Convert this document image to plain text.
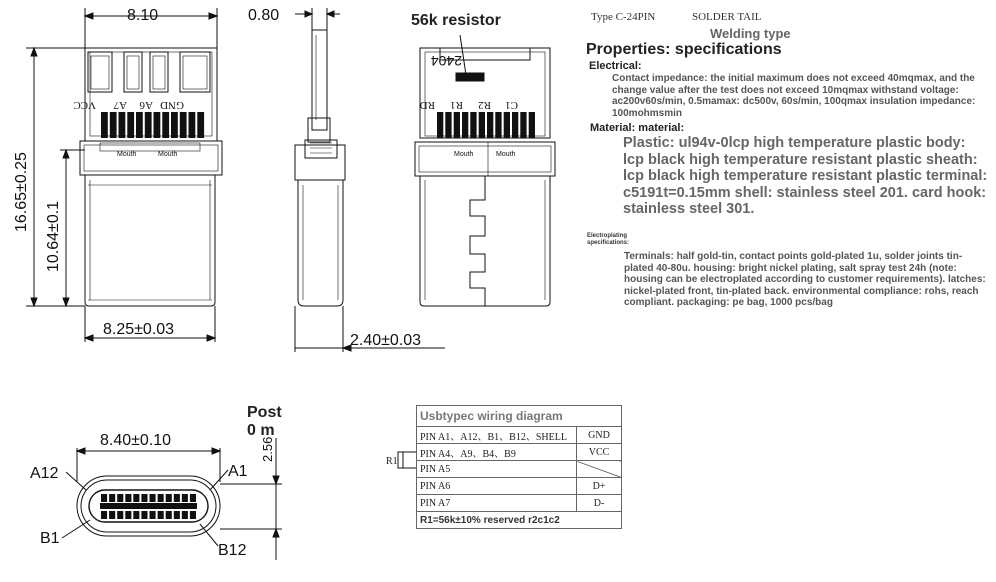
8.10
16.65±0.25
10.64±0.1
8.25±0.03
0.80
2.40±0.03
8.40±0.10
A12	A1
B1
B12
2.56
VCC A7 A6 GND
Mouth	Mouth
RD R1 R2 C1
2404
Mouth	Mouth
R1
56k resistor
Post
0 m
Type C-24PIN	SOLDER TAIL
Welding type
Properties: specifications
Electrical:
Contact impedance: the initial maximum does not exceed 40mqmax, and the change value after the test does not exceed 10mqmax withstand voltage: ac200v60s/min, 0.5mamax: dc500v, 60s/min, 100qmax insulation impedance: 100mohmsmin
Material: material:
Plastic: ul94v-0lcp high temperature plastic body: lcp black high temperature resistant plastic sheath: lcp black high temperature resistant plastic terminal: c5191t=0.15mm shell: stainless steel 201. card hook: stainless steel 301.
Electroplating specifications:
Terminals: half gold-tin, contact points gold-plated 1u, solder joints tin-plated 40-80u. housing: bright nickel plating, salt spray test 24h (note: housing can be electroplated according to customer requirements). latches: nickel-plated front, tin-plated back. environmental compliance: rohs, reach compliant. packaging: pe bag, 1000 pcs/bag
Usbtypec wiring diagram	
PIN A1、A12、B1、B12、SHELL	GND
PIN A4、A9、B4、B9	VCC
PIN A5	
PIN A6	D+
PIN A7	D-
R1=56k±10% reserved r2c1c2	
